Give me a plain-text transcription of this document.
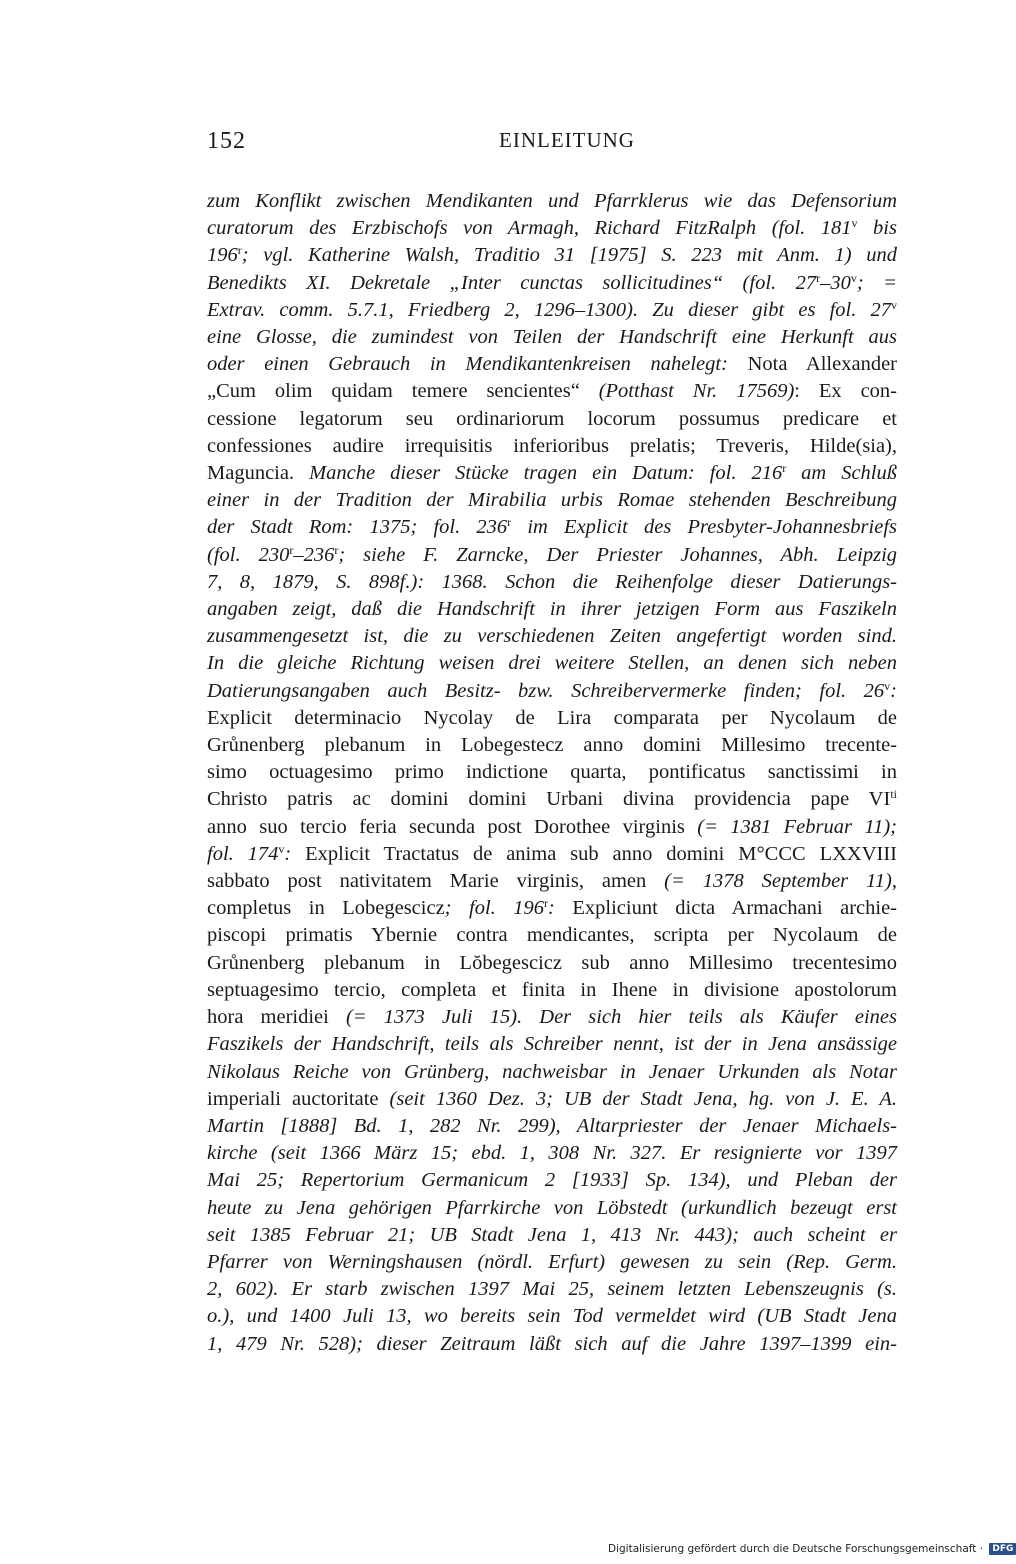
152	EINLEITUNG
zum Konflikt zwischen Mendikanten und Pfarrklerus wie das Defensorium
curatorum des Erzbischofs von Armagh, Richard FitzRalph (fol. 181$^v$ bis
196$^r$; vgl. Katherine Walsh, Traditio 31 [1975] S. 223 mit Anm. 1) und
Benedikts XI. Dekretale „Inter cunctas sollicitudines“ (fol. $27^r-30^v$; =
Extrav. comm. 5.7.1, Friedberg 2, 1296–1300). Zu dieser gibt es fol. 27$^v$
eine Glosse, die zumindest von Teilen der Handschrift eine Herkunft aus
oder einen Gebrauch in Mendikantenkreisen nahelegt: Nota Allexander
„Cum olim quidam temere sencientes“ (Potthast Nr. 17569): Ex con-
cessione legatorum seu ordinariorum locorum possumus predicare et
confessiones audire irrequisitis inferioribus prelatis; Treveris, Hilde(sia),
Maguncia. Manche dieser Stücke tragen ein Datum: fol. 216$^r$ am Schluß
einer in der Tradition der Mirabilia urbis Romae stehenden Beschreibung
der Stadt Rom: 1375; fol. 236$^r$ im Explicit des Presbyter-Johannesbriefs
(fol. 230$^r$–236$^r$; siehe F. Zarncke, Der Priester Johannes, Abh. Leipzig
7, 8, 1879, S. 898f.): 1368. Schon die Reihenfolge dieser Datierungs-
angaben zeigt, daß die Handschrift in ihrer jetzigen Form aus Faszikeln
zusammengesetzt ist, die zu verschiedenen Zeiten angefertigt worden sind.
In die gleiche Richtung weisen drei weitere Stellen, an denen sich neben
Datierungsangaben auch Besitz- bzw. Schreibervermerke finden; fol. 26$^v$:
Explicit determinacio Nycolay de Lira comparata per Nycolaum de
Grůnenberg plebanum in Lobegestecz anno domini Millesimo trecente-
simo octuagesimo primo indictione quarta, pontificatus sanctissimi in
Christo patris ac domini domini Urbani divina providencia pape $VI^{ti}$
anno suo tercio feria secunda post Dorothee virginis (= 1381 Februar 11);
fol. 174$^v$: Explicit Tractatus de anima sub anno domini M°CCC LXXVIII
sabbato post nativitatem Marie virginis, amen (= 1378 September 11),
completus in Lobegescicz; fol. 196$^r$: Expliciunt dicta Armachani archie-
piscopi primatis Ybernie contra mendicantes, scripta per Nycolaum de
Grůnenberg plebanum in Lŏbegescicz sub anno Millesimo trecentesimo
septuagesimo tercio, completa et finita in Ihene in divisione apostolorum
hora meridiei (= 1373 Juli 15). Der sich hier teils als Käufer eines
Faszikels der Handschrift, teils als Schreiber nennt, ist der in Jena ansässige
Nikolaus Reiche von Grünberg, nachweisbar in Jenaer Urkunden als Notar
imperiali auctoritate (seit 1360 Dez. 3; UB der Stadt Jena, hg. von J. E. A.
Martin [1888] Bd. 1, 282 Nr. 299), Altarpriester der Jenaer Michaels-
kirche (seit 1366 März 15; ebd. 1, 308 Nr. 327. Er resignierte vor 1397
Mai 25; Repertorium Germanicum 2 [1933] Sp. 134), und Pleban der
heute zu Jena gehörigen Pfarrkirche von Löbstedt (urkundlich bezeugt erst
seit 1385 Februar 21; UB Stadt Jena 1, 413 Nr. 443); auch scheint er
Pfarrer von Werningshausen (nördl. Erfurt) gewesen zu sein (Rep. Germ.
2, 602). Er starb zwischen 1397 Mai 25, seinem letzten Lebenszeugnis (s.
o.), und 1400 Juli 13, wo bereits sein Tod vermeldet wird (UB Stadt Jena
1, 479 Nr. 528); dieser Zeitraum läßt sich auf die Jahre 1397–1399 ein-
Digitalisierung gefördert durch die Deutsche Forschungsgemeinschaft · DFG
